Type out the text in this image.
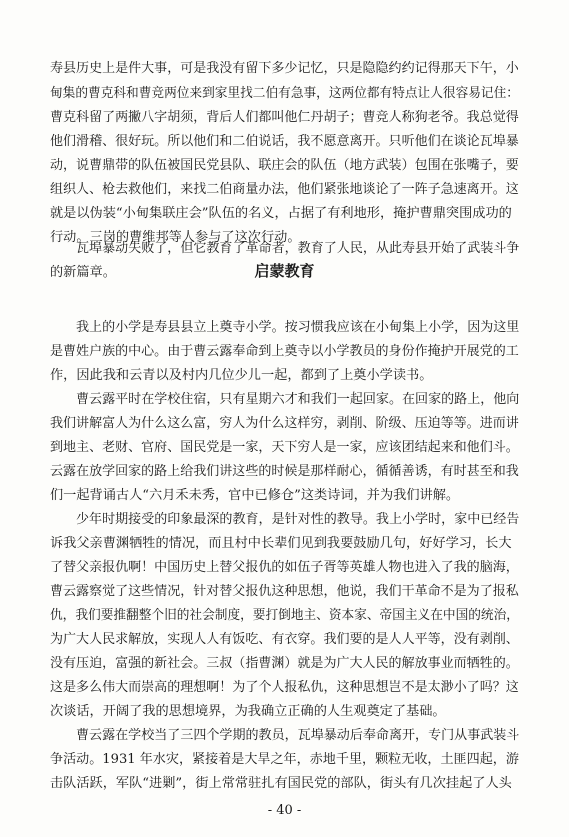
寿县历史上是件大事，可是我没有留下多少记忆，只是隐隐约约记得那天下午，小
甸集的曹克科和曹竞两位来到家里找二伯有急事，这两位都有特点让人很容易记住：
曹克科留了两撇八字胡须，背后人们都叫他仁丹胡子；曹竞人称狗老爷。我总觉得
他们滑稽、很好玩。所以他们和二伯说话，我不愿意离开。只听他们在谈论瓦埠暴
动，说曹鼎带的队伍被国民党县队、联庄会的队伍（地方武装）包围在张嘴子，要
组织人、枪去救他们，来找二伯商量办法，他们紧张地谈论了一阵子急速离开。这
就是以伪装“小甸集联庄会”队伍的名义，占据了有利地形，掩护曹鼎突围成功的
行动。三岗的曹维邦等人参与了这次行动。
瓦埠暴动失败了，但它教育了革命者，教育了人民，从此寿县开始了武装斗争
的新篇章。	启蒙教育
我上的小学是寿县县立上奠寺小学。按习惯我应该在小甸集上小学，因为这里
是曹姓户族的中心。由于曹云露奉命到上奠寺以小学教员的身份作掩护开展党的工
作，因此我和云青以及村内几位少儿一起，都到了上奠小学读书。
曹云露平时在学校住宿，只有星期六才和我们一起回家。在回家的路上，他向
我们讲解富人为什么这么富，穷人为什么这样穷，剥削、阶级、压迫等等。进而讲
到地主、老财、官府、国民党是一家，天下穷人是一家，应该团结起来和他们斗。
云露在放学回家的路上给我们讲这些的时候是那样耐心，循循善诱，有时甚至和我
们一起背诵古人“六月禾未秀，官中已修仓”这类诗词，并为我们讲解。
少年时期接受的印象最深的教育，是针对性的教导。我上小学时，家中已经告
诉我父亲曹渊牺牲的情况，而且村中长辈们见到我要鼓励几句，好好学习，长大
了替父亲报仇啊！中国历史上替父报仇的如伍子胥等英雄人物也进入了我的脑海，
曹云露察觉了这些情况，针对替父报仇这种思想，他说，我们干革命不是为了报私
仇，我们要推翻整个旧的社会制度，要打倒地主、资本家、帝国主义在中国的统治，
为广大人民求解放，实现人人有饭吃、有衣穿。我们要的是人人平等，没有剥削、
没有压迫，富强的新社会。三叔（指曹渊）就是为广大人民的解放事业而牺牲的。
这是多么伟大而崇高的理想啊！为了个人报私仇，这种思想岂不是太渺小了吗？这
次谈话，开阔了我的思想境界，为我确立正确的人生观奠定了基础。
曹云露在学校当了三四个学期的教员，瓦埠暴动后奉命离开，专门从事武装斗
争活动。1931 年水灾，紧接着是大旱之年，赤地千里，颗粒无收，土匪四起，游
击队活跃，军队“进剿”，街上常常驻扎有国民党的部队，街头有几次挂起了人头
- 40 -
